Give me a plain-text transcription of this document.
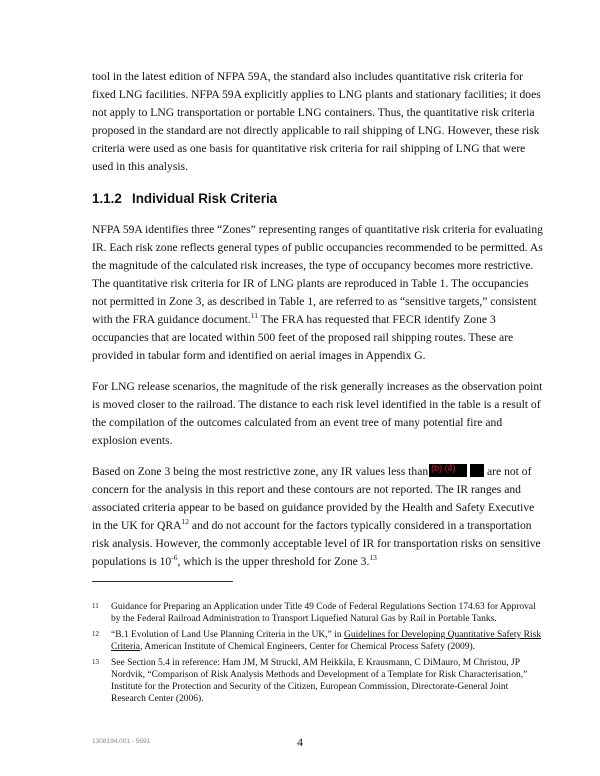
tool in the latest edition of NFPA 59A, the standard also includes quantitative risk criteria for fixed LNG facilities. NFPA 59A explicitly applies to LNG plants and stationary facilities; it does not apply to LNG transportation or portable LNG containers. Thus, the quantitative risk criteria proposed in the standard are not directly applicable to rail shipping of LNG. However, these risk criteria were used as one basis for quantitative risk criteria for rail shipping of LNG that were used in this analysis.

1.1.2 Individual Risk Criteria

NFPA 59A identifies three “Zones” representing ranges of quantitative risk criteria for evaluating IR. Each risk zone reflects general types of public occupancies recommended to be permitted. As the magnitude of the calculated risk increases, the type of occupancy becomes more restrictive. The quantitative risk criteria for IR of LNG plants are reproduced in Table 1. The occupancies not permitted in Zone 3, as described in Table 1, are referred to as “sensitive targets,” consistent with the FRA guidance document.$^{11}$ The FRA has requested that FECR identify Zone 3 occupancies that are located within 500 feet of the proposed rail shipping routes. These are provided in tabular form and identified on aerial images in Appendix G.

For LNG release scenarios, the magnitude of the risk generally increases as the observation point is moved closer to the railroad. The distance to each risk level identified in the table is a result of the compilation of the outcomes calculated from an event tree of many potential fire and explosion events.

Based on Zone 3 being the most restrictive zone, any IR values less than (b) (4) are not of concern for the analysis in this report and these contours are not reported. The IR ranges and associated criteria appear to be based on guidance provided by the Health and Safety Executive in the UK for QRA$^{12}$ and do not account for the factors typically considered in a transportation risk analysis. However, the commonly acceptable level of IR for transportation risks on sensitive populations is $10^{-6}$, which is the upper threshold for Zone 3.13

11	Guidance for Preparing an Application under Title 49 Code of Federal Regulations Section 174.63 for Approval by the Federal Railroad Administration to Transport Liquefied Natural Gas by Rail in Portable Tanks.
12	“B.1 Evolution of Land Use Planning Criteria in the UK,” in Guidelines for Developing Quantitative Safety Risk Criteria, American Institute of Chemical Engineers, Center for Chemical Process Safety (2009).
13	See Section 5.4 in reference: Ham JM, M Struckl, AM Heikkila, E Krausmann, C DiMauro, M Christou, JP Nordvik, “Comparison of Risk Analysis Methods and Development of a Template for Risk Characterisation,” Institute for the Protection and Security of the Citizen, European Commission, Directorate-General Joint Research Center (2006).
1308194.001 - 5691	4
